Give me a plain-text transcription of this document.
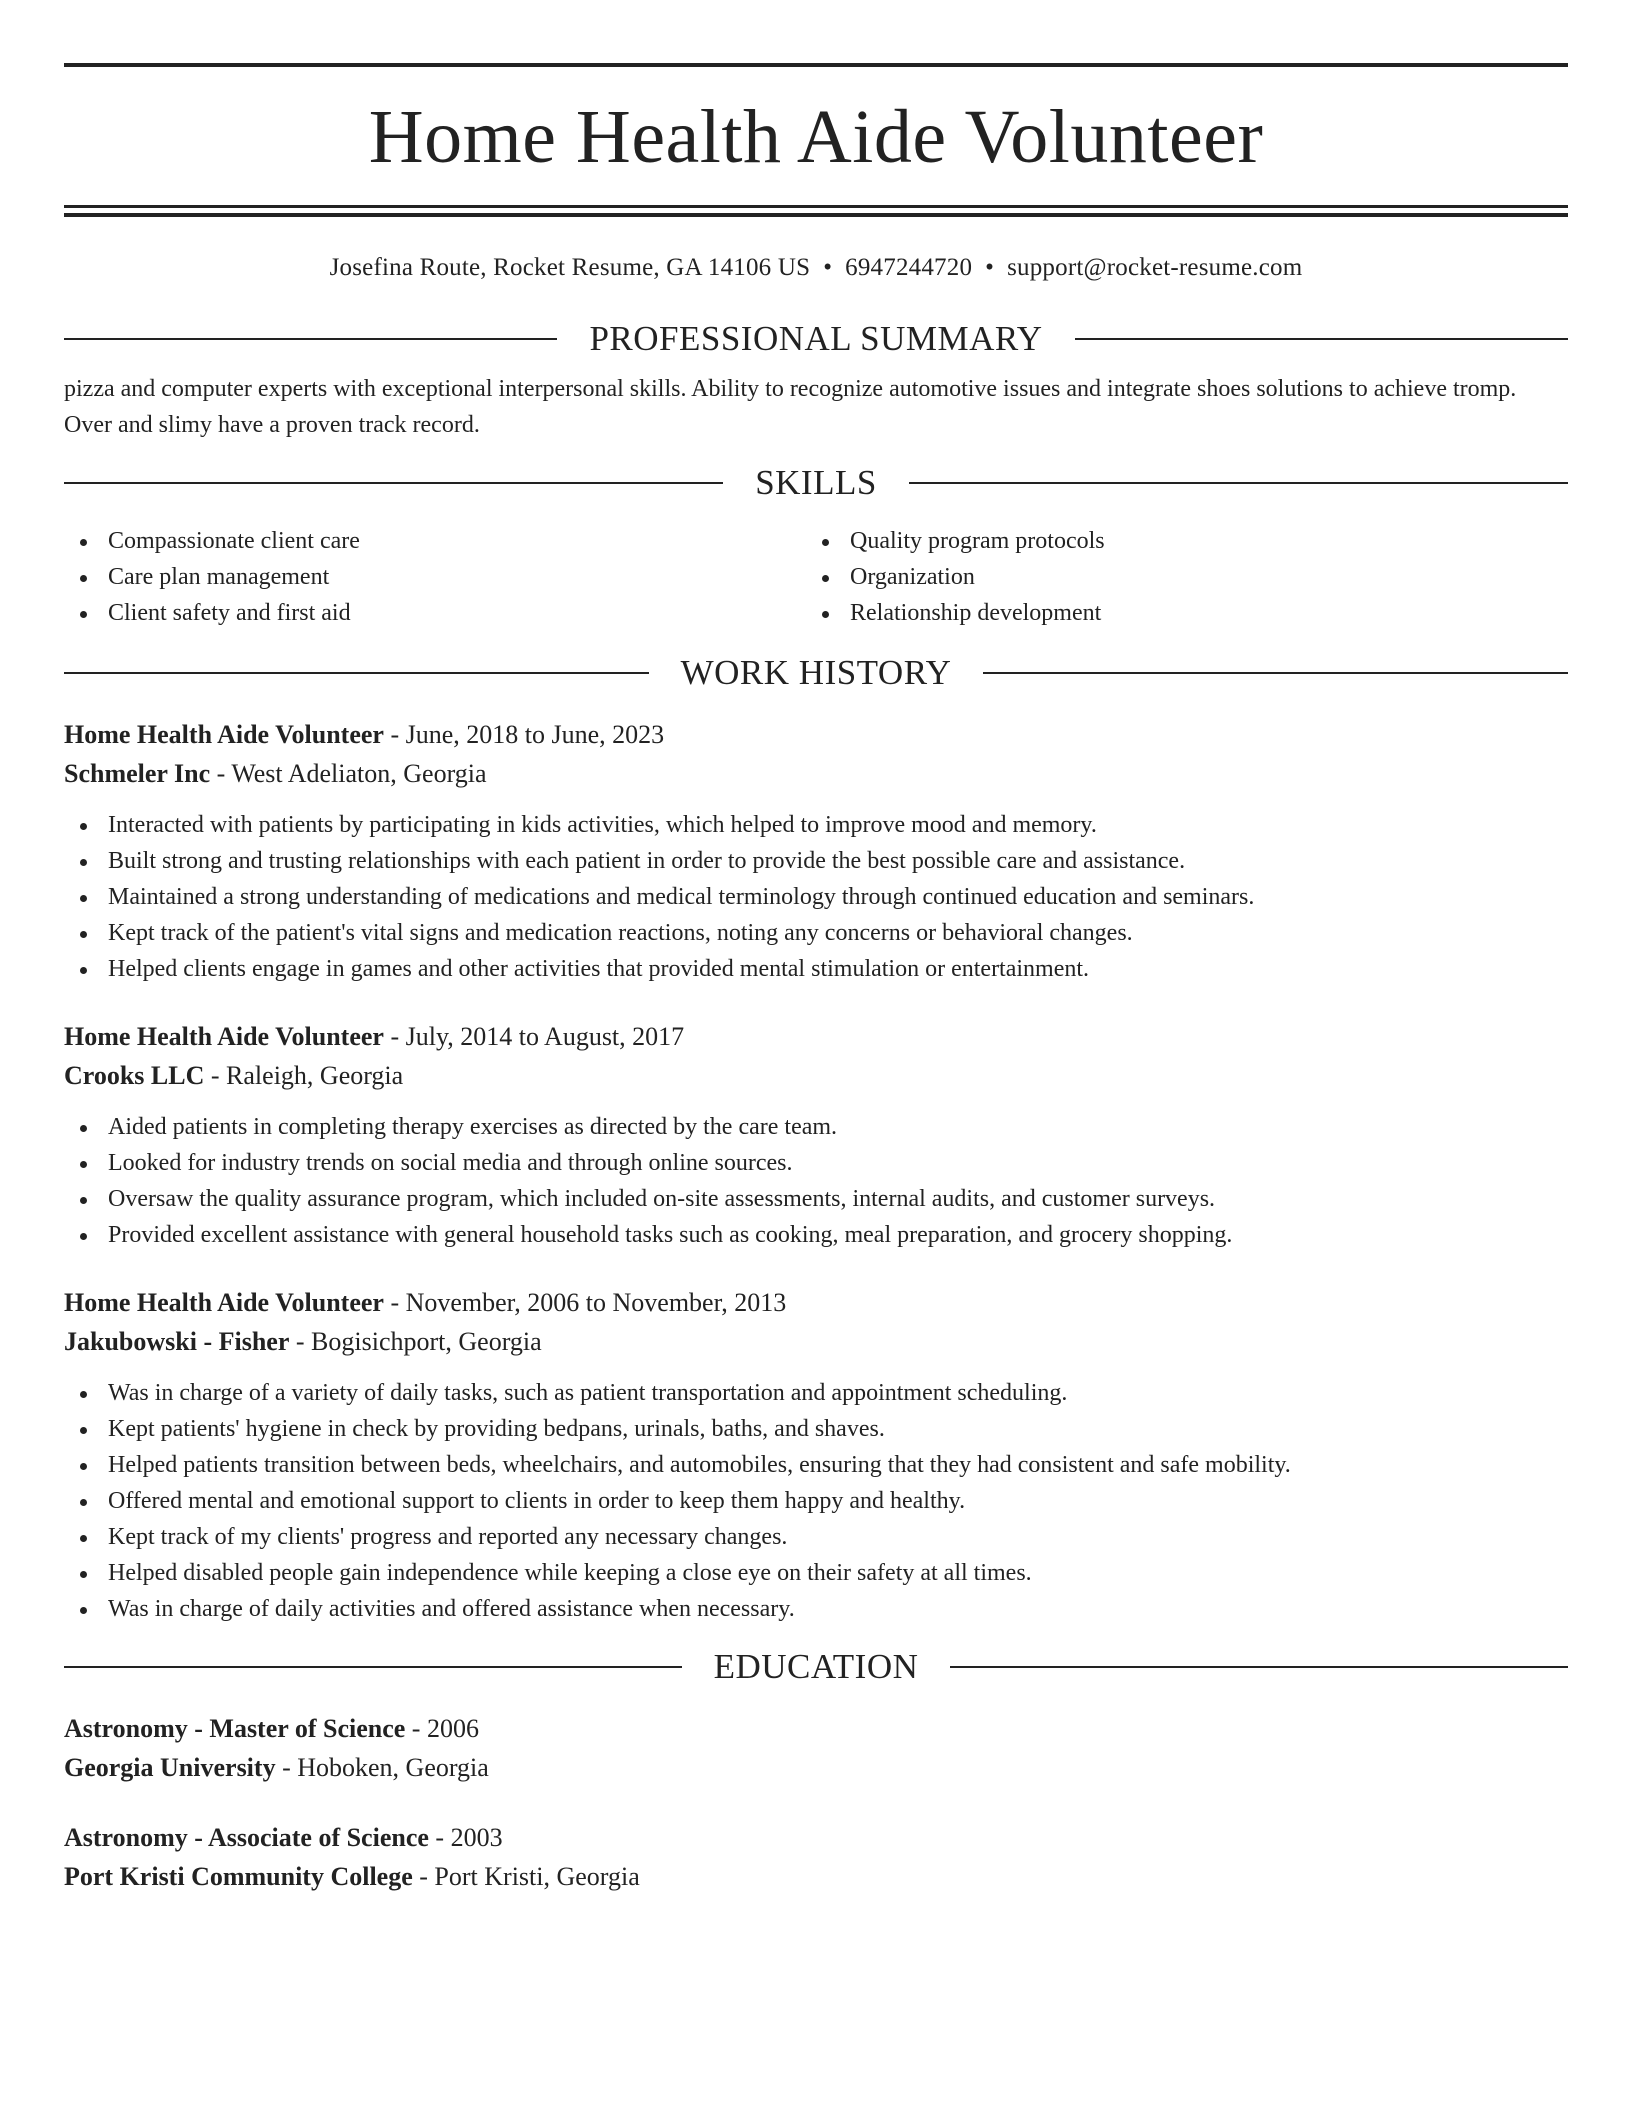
Home Health Aide Volunteer
Josefina Route, Rocket Resume, GA 14106 US • 6947244720 • support@rocket-resume.com
PROFESSIONAL SUMMARY
pizza and computer experts with exceptional interpersonal skills. Ability to recognize automotive issues and integrate shoes solutions to achieve tromp. Over and slimy have a proven track record.
SKILLS
Compassionate client care
Care plan management
Client safety and first aid
Quality program protocols
Organization
Relationship development
WORK HISTORY
Home Health Aide Volunteer - June, 2018 to June, 2023
Schmeler Inc - West Adeliaton, Georgia
Interacted with patients by participating in kids activities, which helped to improve mood and memory.
Built strong and trusting relationships with each patient in order to provide the best possible care and assistance.
Maintained a strong understanding of medications and medical terminology through continued education and seminars.
Kept track of the patient's vital signs and medication reactions, noting any concerns or behavioral changes.
Helped clients engage in games and other activities that provided mental stimulation or entertainment.
Home Health Aide Volunteer - July, 2014 to August, 2017
Crooks LLC - Raleigh, Georgia
Aided patients in completing therapy exercises as directed by the care team.
Looked for industry trends on social media and through online sources.
Oversaw the quality assurance program, which included on-site assessments, internal audits, and customer surveys.
Provided excellent assistance with general household tasks such as cooking, meal preparation, and grocery shopping.
Home Health Aide Volunteer - November, 2006 to November, 2013
Jakubowski - Fisher - Bogisichport, Georgia
Was in charge of a variety of daily tasks, such as patient transportation and appointment scheduling.
Kept patients' hygiene in check by providing bedpans, urinals, baths, and shaves.
Helped patients transition between beds, wheelchairs, and automobiles, ensuring that they had consistent and safe mobility.
Offered mental and emotional support to clients in order to keep them happy and healthy.
Kept track of my clients' progress and reported any necessary changes.
Helped disabled people gain independence while keeping a close eye on their safety at all times.
Was in charge of daily activities and offered assistance when necessary.
EDUCATION
Astronomy - Master of Science - 2006
Georgia University - Hoboken, Georgia
Astronomy - Associate of Science - 2003
Port Kristi Community College - Port Kristi, Georgia
